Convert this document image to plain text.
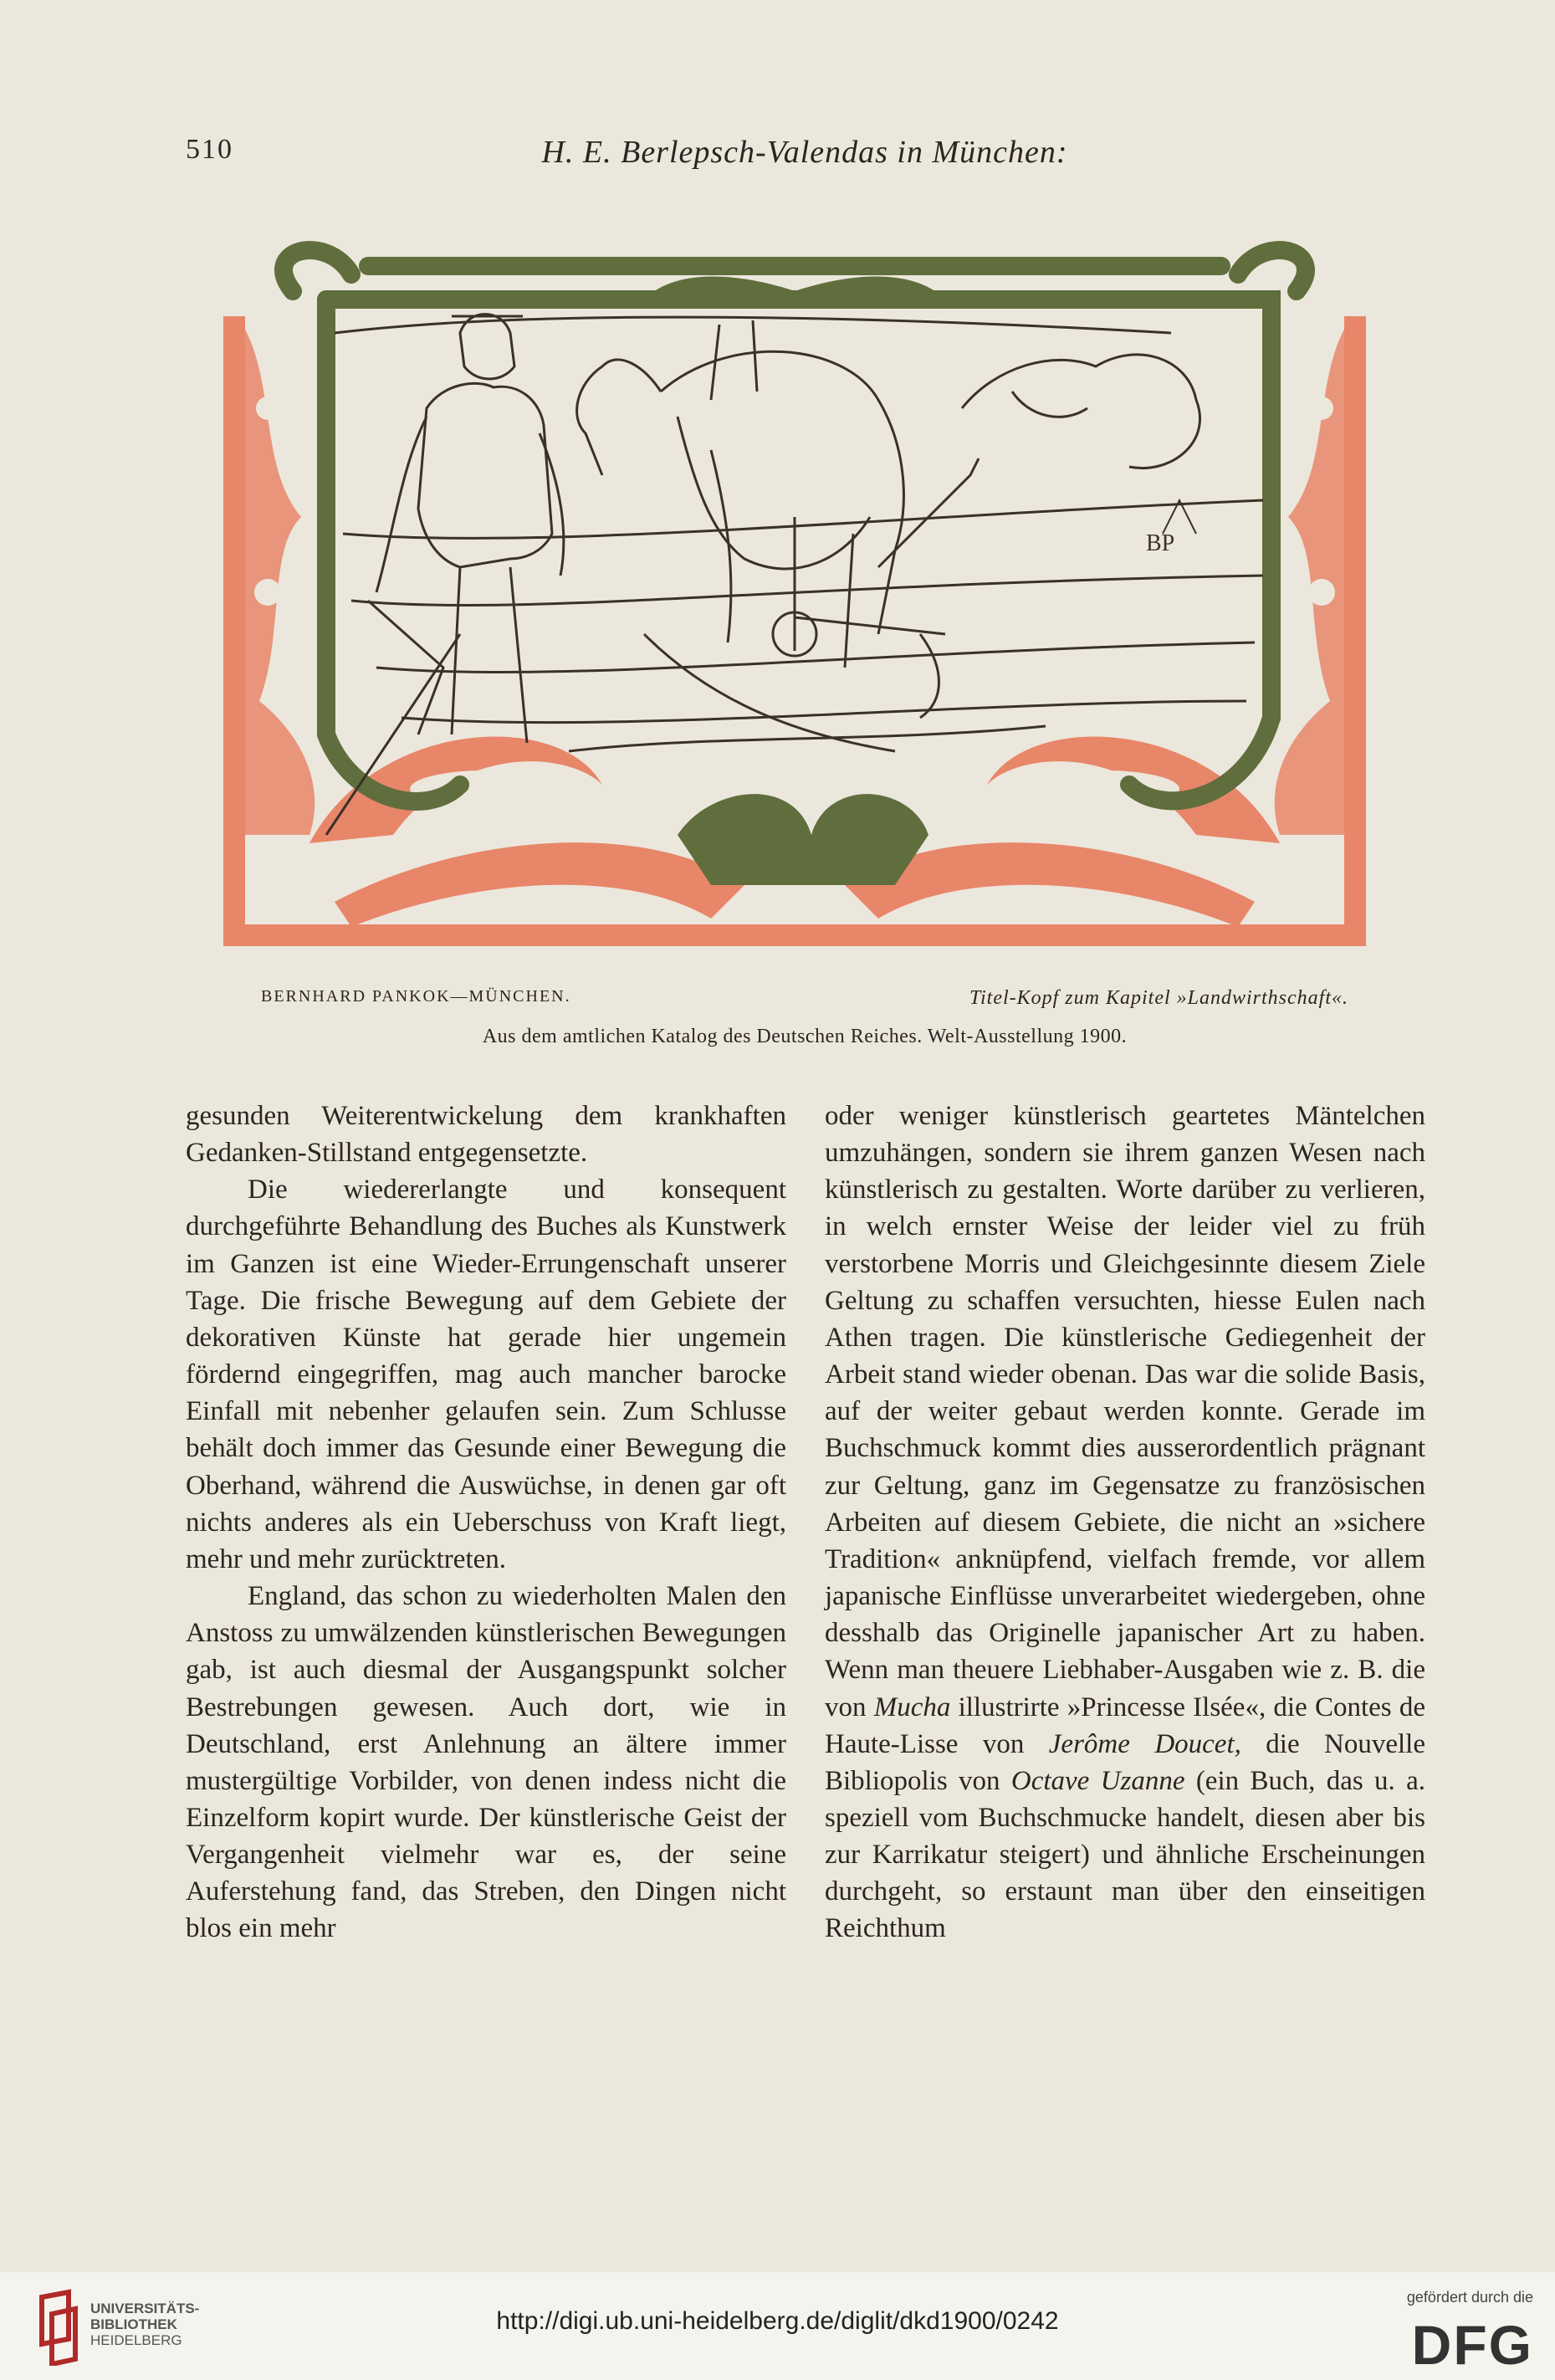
510	H. E. Berlepsch-Valendas in München:
BP
BERNHARD PANKOK—MÜNCHEN.	Titel-Kopf zum Kapitel »Landwirthschaft«.
Aus dem amtlichen Katalog des Deutschen Reiches. Welt-Ausstellung 1900.

gesunden Weiterentwickelung dem krankhaften Gedanken-Stillstand entgegensetzte.

Die wiedererlangte und konsequent durchgeführte Behandlung des Buches als Kunstwerk im Ganzen ist eine Wieder-Errungenschaft unserer Tage. Die frische Bewegung auf dem Gebiete der dekorativen Künste hat gerade hier ungemein fördernd eingegriffen, mag auch mancher barocke Einfall mit nebenher gelaufen sein. Zum Schlusse behält doch immer das Gesunde einer Bewegung die Oberhand, während die Auswüchse, in denen gar oft nichts anderes als ein Ueberschuss von Kraft liegt, mehr und mehr zurücktreten.

England, das schon zu wiederholten Malen den Anstoss zu umwälzenden künstlerischen Bewegungen gab, ist auch diesmal der Ausgangspunkt solcher Bestrebungen gewesen. Auch dort, wie in Deutschland, erst Anlehnung an ältere immer mustergültige Vorbilder, von denen indess nicht die Einzelform kopirt wurde. Der künstlerische Geist der Vergangenheit vielmehr war es, der seine Auferstehung fand, das Streben, den Dingen nicht blos ein mehr

oder weniger künstlerisch geartetes Mäntelchen umzuhängen, sondern sie ihrem ganzen Wesen nach künstlerisch zu gestalten. Worte darüber zu verlieren, in welch ernster Weise der leider viel zu früh verstorbene Morris und Gleichgesinnte diesem Ziele Geltung zu schaffen versuchten, hiesse Eulen nach Athen tragen. Die künstlerische Gediegenheit der Arbeit stand wieder obenan. Das war die solide Basis, auf der weiter gebaut werden konnte. Gerade im Buchschmuck kommt dies ausserordentlich prägnant zur Geltung, ganz im Gegensatze zu französischen Arbeiten auf diesem Gebiete, die nicht an »sichere Tradition« anknüpfend, vielfach fremde, vor allem japanische Einflüsse unverarbeitet wiedergeben, ohne desshalb das Originelle japanischer Art zu haben. Wenn man theuere Liebhaber-Ausgaben wie z. B. die von Mucha illustrirte »Princesse Ilsée«, die Contes de Haute-Lisse von Jerôme Doucet, die Nouvelle Bibliopolis von Octave Uzanne (ein Buch, das u. a. speziell vom Buchschmucke handelt, diesen aber bis zur Karrikatur steigert) und ähnliche Erscheinungen durchgeht, so erstaunt man über den einseitigen Reichthum

UNIVERSITÄTS-
BIBLIOTHEK
HEIDELBERG
http://digi.ub.uni-heidelberg.de/diglit/dkd1900/0242
gefördert durch die
DFG
